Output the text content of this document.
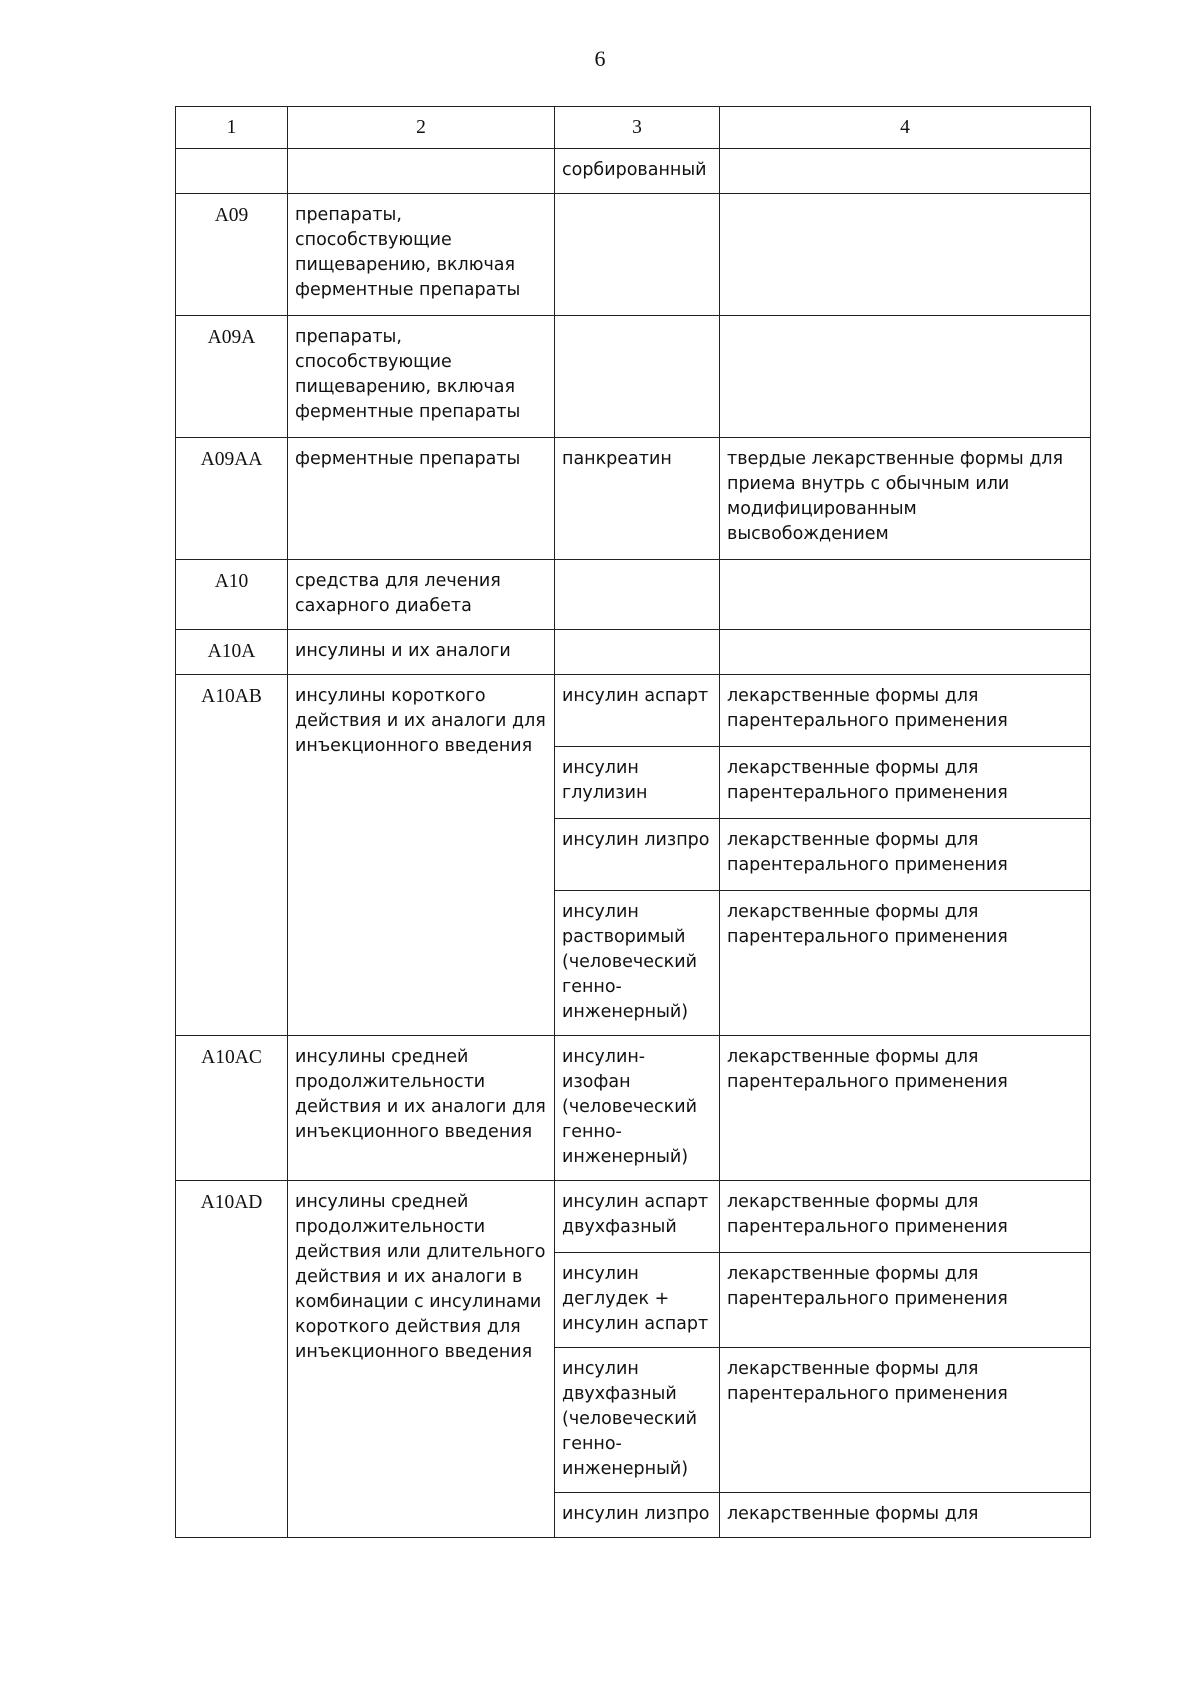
6
1	2	3	4
		сорбированный	
A09	препараты, способствующие пищеварению, включая ферментные препараты		
A09A	препараты, способствующие пищеварению, включая ферментные препараты		
A09AA	ферментные препараты	панкреатин	твердые лекарственные формы для приема внутрь с обычным или модифицированным высвобождением
A10	средства для лечения сахарного диабета		
A10A	инсулины и их аналоги		
A10AB	инсулины короткого действия и их аналоги для инъекционного введения	инсулин аспарт	лекарственные формы для парентерального применения
		инсулин глулизин	лекарственные формы для парентерального применения
		инсулин лизпро	лекарственные формы для парентерального применения
		инсулин растворимый (человеческий генно-инженерный)	лекарственные формы для парентерального применения
A10AC	инсулины средней продолжительности действия и их аналоги для инъекционного введения	инсулин-изофан (человеческий генно-инженерный)	лекарственные формы для парентерального применения
A10AD	инсулины средней продолжительности действия или длительного действия и их аналоги в комбинации с инсулинами короткого действия для инъекционного введения	инсулин аспарт двухфазный	лекарственные формы для парентерального применения
		инсулин деглудек + инсулин аспарт	лекарственные формы для парентерального применения
		инсулин двухфазный (человеческий генно-инженерный)	лекарственные формы для парентерального применения
		инсулин лизпро	лекарственные формы для
